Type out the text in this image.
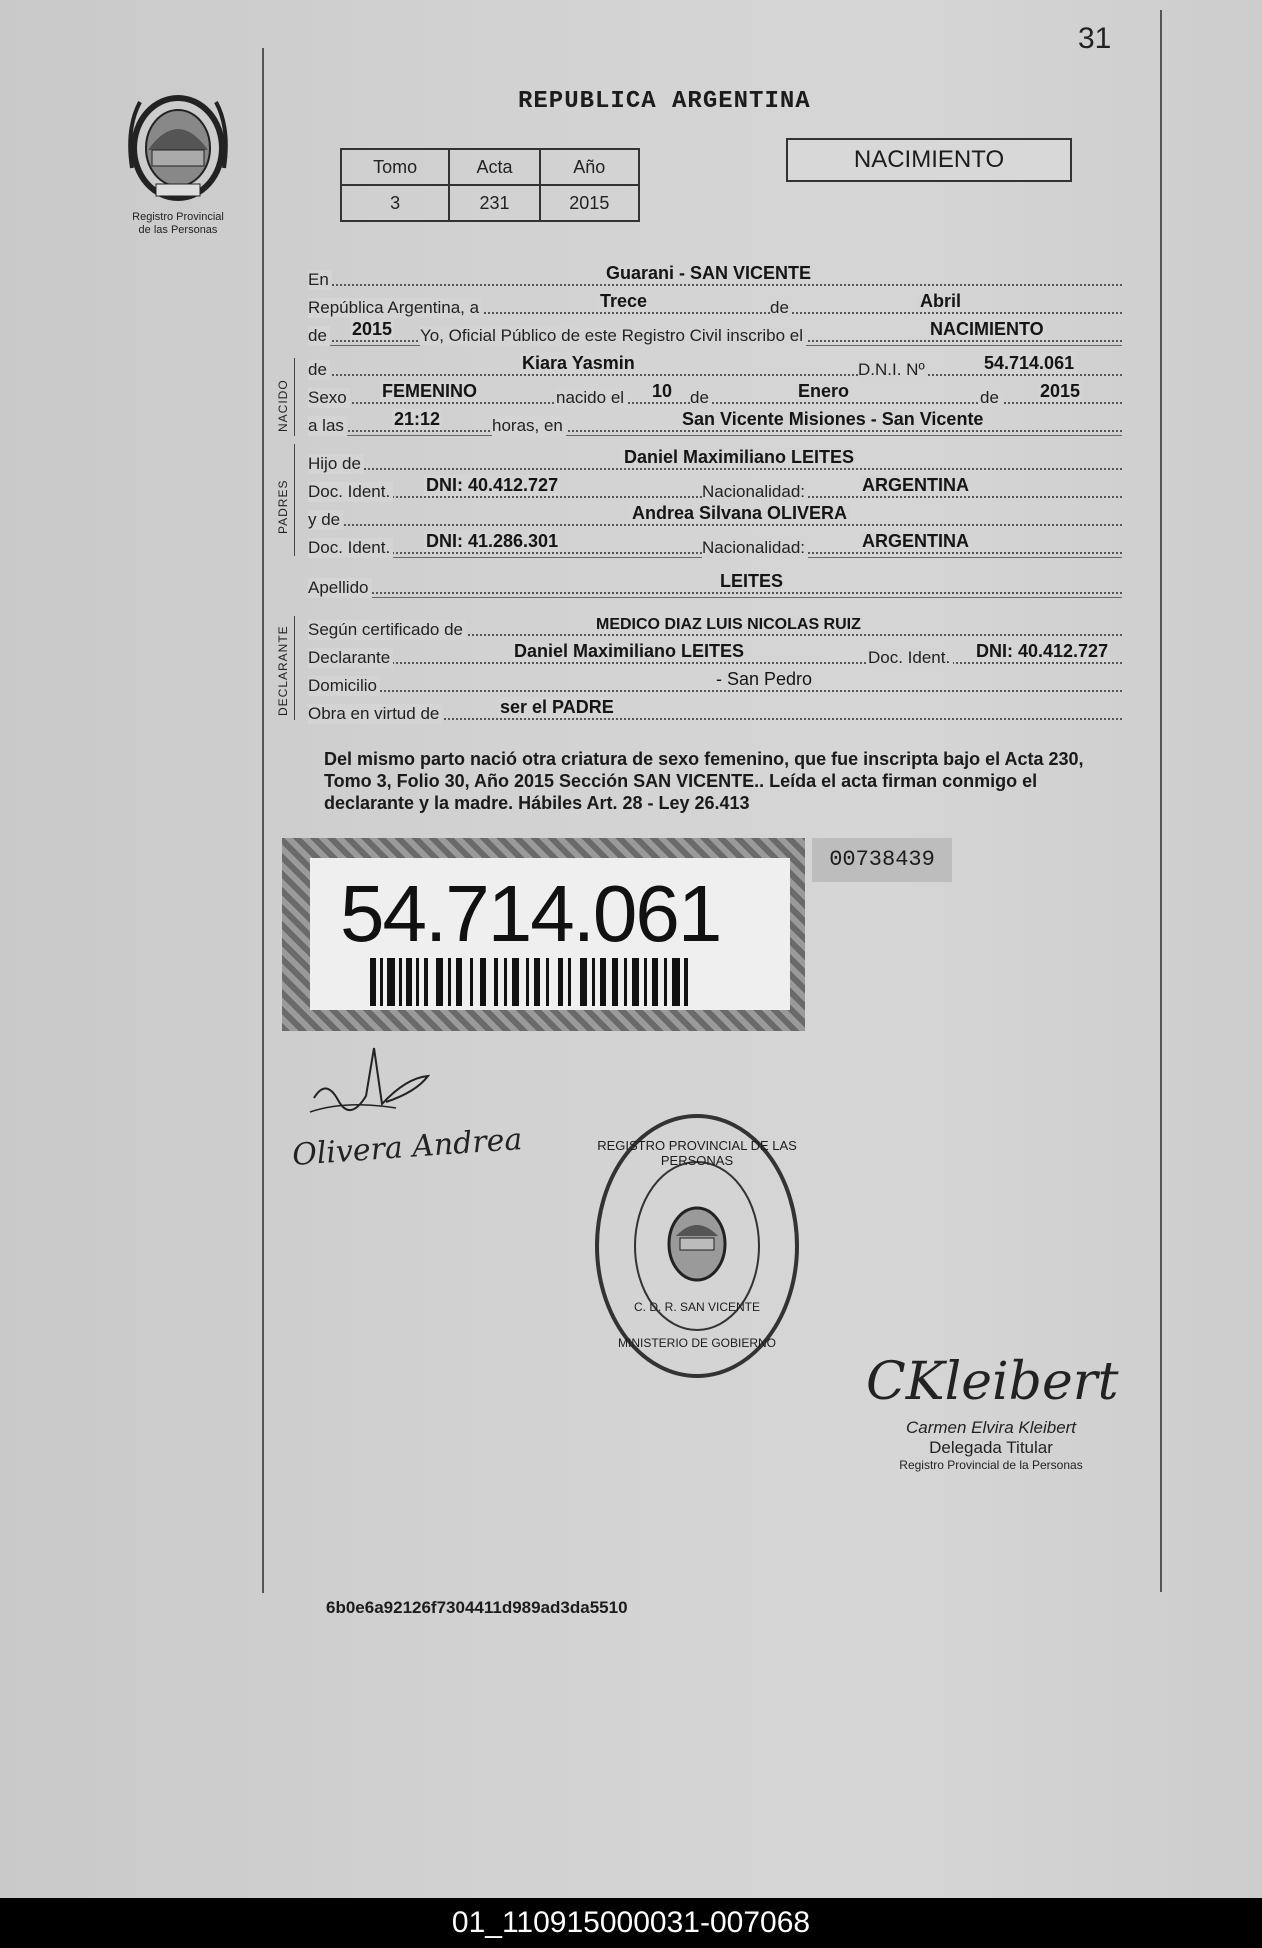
31
Registro Provincial
de las Personas
REPUBLICA ARGENTINA
Tomo	Acta	Año
3	231	2015
NACIMIENTO
En	Guarani - SAN VICENTE
República Argentina, a	Trece	de	Abril
de 2015 Yo, Oficial Público de este Registro Civil inscribo el	NACIMIENTO
NACIDO
de	Kiara Yasmin	D.N.I. Nº	54.714.061
Sexo FEMENINO	nacido el 10 de	Enero	de 2015
a las	21:12	horas, en	San Vicente Misiones - San Vicente
PADRES
Hijo de	Daniel Maximiliano LEITES
Doc. Ident. DNI: 40.412.727	Nacionalidad:	ARGENTINA
y de	Andrea Silvana OLIVERA
Doc. Ident. DNI: 41.286.301	Nacionalidad:	ARGENTINA
Apellido	LEITES
DECLARANTE Según certificado de	MEDICO DIAZ LUIS NICOLAS RUIZ
Declarante	Daniel Maximiliano LEITES	Doc. Ident. DNI: 40.412.727
Domicilio	- San Pedro
Obra en virtud de	ser el PADRE
Del mismo parto nació otra criatura de sexo femenino, que fue inscripta bajo el Acta 230, Tomo 3, Folio 30, Año 2015 Sección SAN VICENTE.. Leída el acta firman conmigo el declarante y la madre. Hábiles Art. 28 - Ley 26.413
54.714.061
00738439
Olivera Andrea	REGISTRO PROVINCIAL DE LAS PERSONAS
C. D. R. SAN VICENTE
MINISTERIO DE GOBIERNO
CKleibert
Carmen Elvira Kleibert
Delegada Titular
Registro Provincial de la Personas
6b0e6a92126f7304411d989ad3da5510
01_110915000031-007068
